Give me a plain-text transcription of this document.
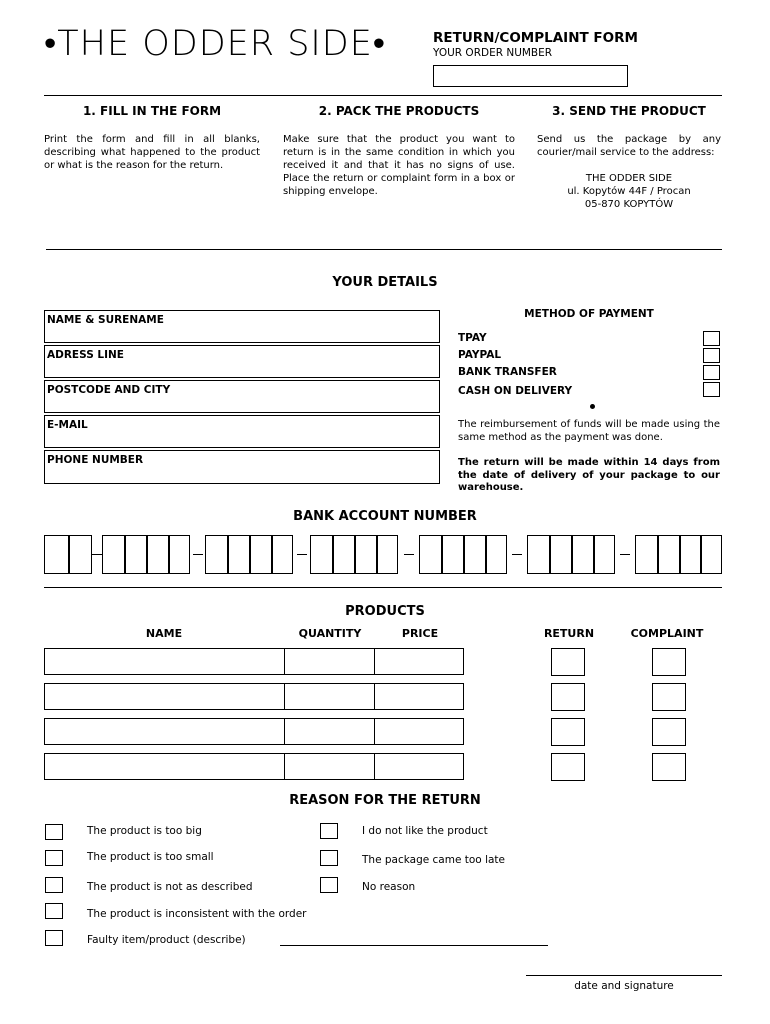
•THE ODDER SIDE•	RETURN/COMPLAINT FORM
YOUR ORDER NUMBER
1. FILL IN THE FORM
Print the form and fill in all blanks, describing what happened to the product or what is the reason for the return.
2. PACK THE PRODUCTS
Make sure that the product you want to return is in the same condition in which you received it and that it has no signs of use. Place the return or complaint form in a box or shipping envelope.
3. SEND THE PRODUCT
Send us the package by any courier/mail service to the address:
THE ODDER SIDE
ul. Kopytów 44F / Procan
05-870 KOPYTÓW
YOUR DETAILS
NAME & SURENAME
ADRESS LINE
POSTCODE AND CITY
E-MAIL
PHONE NUMBER
METHOD OF PAYMENT
TPAY
PAYPAL
BANK TRANSFER
CASH ON DELIVERY
The reimbursement of funds will be made using the same method as the payment was done.
The return will be made within 14 days from the date of delivery of your package to our warehouse.
BANK ACCOUNT NUMBER
PRODUCTS
NAME	QUANTITY	PRICE	RETURN	COMPLAINT
REASON FOR THE RETURN
The product is too big
The product is too small
The product is not as described
The product is inconsistent with the order
Faulty item/product (describe)
I do not like the product
The package came too late
No reason
date and signature
